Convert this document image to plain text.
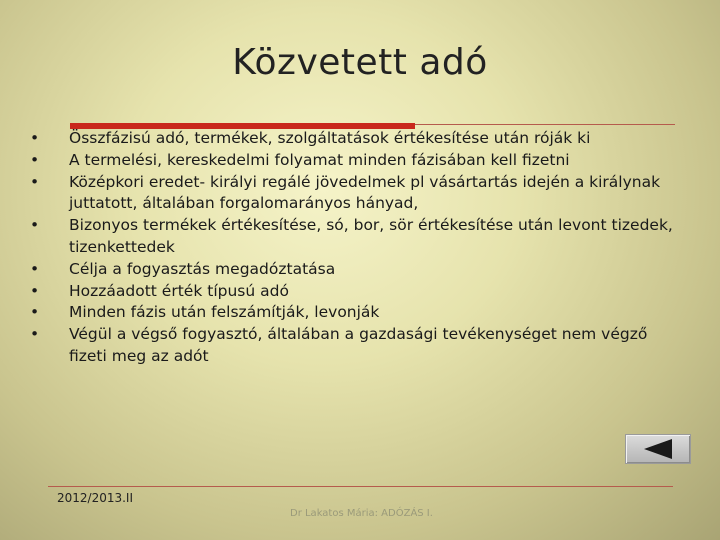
Közvetett adó
• Összfázisú adó, termékek, szolgáltatások értékesítése után róják ki
• A termelési, kereskedelmi folyamat minden fázisában kell fizetni
• Középkori eredet- királyi regálé jövedelmek pl vásártartás idején a királynak juttatott, általában forgalomarányos hányad,
• Bizonyos termékek értékesítése, só, bor, sör értékesítése után levont tizedek, tizenkettedek
• Célja a fogyasztás megadóztatása
• Hozzáadott érték típusú adó
• Minden fázis után felszámítják, levonják
• Végül a végső fogyasztó, általában a gazdasági tevékenységet nem végző fizeti meg az adót
2012/2013.II
Dr Lakatos Mária: ADÓZÁS I.
